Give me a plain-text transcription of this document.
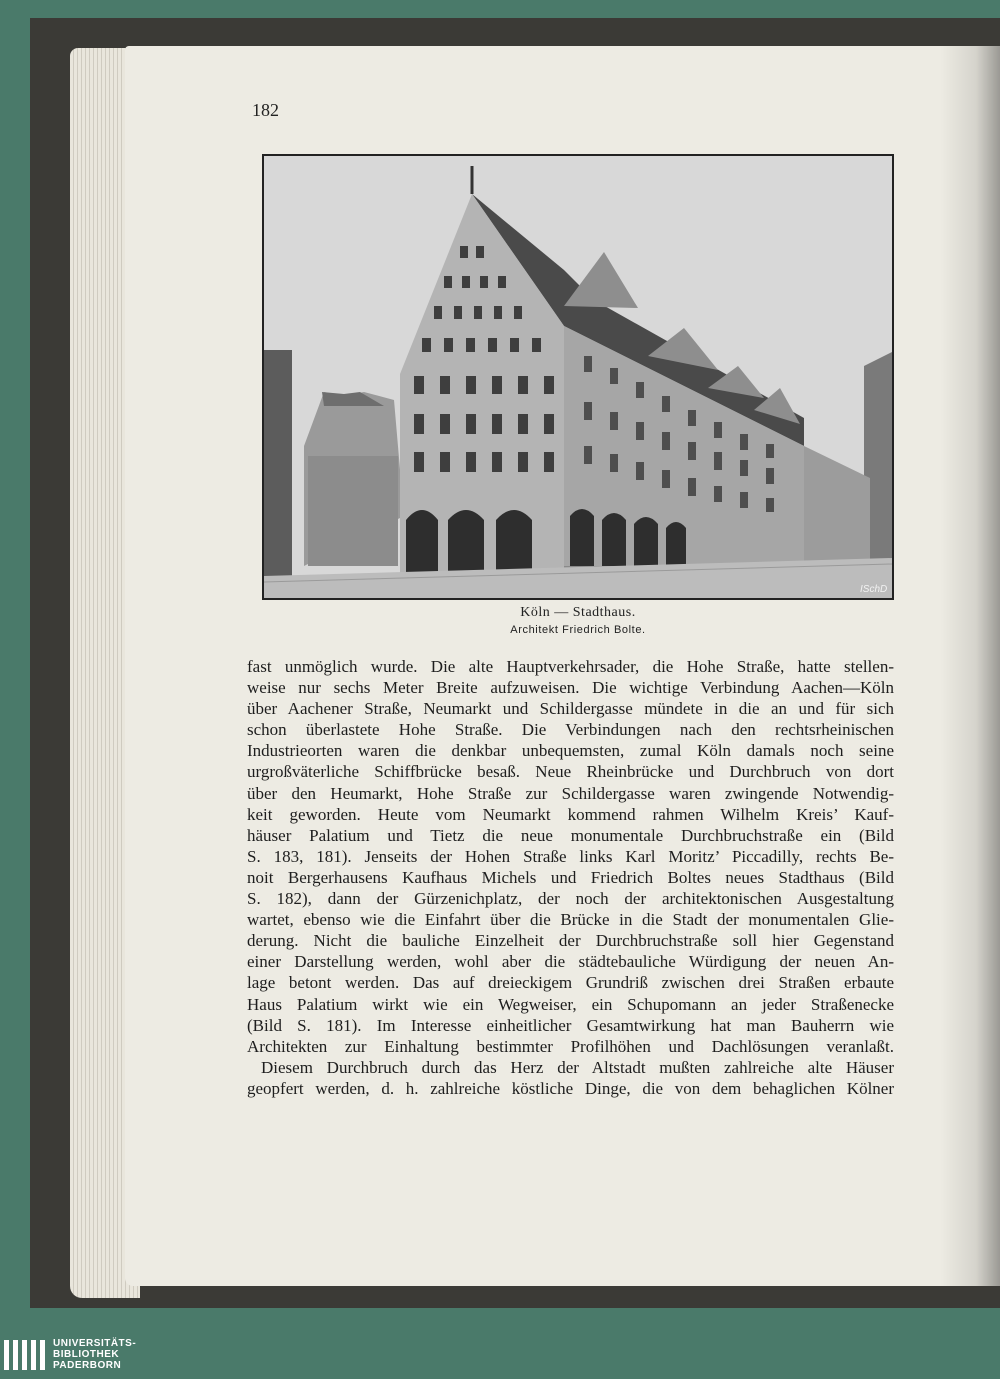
182
ISchD
Köln — Stadthaus.
Architekt Friedrich Bolte.
fast unmöglich wurde. Die alte Hauptverkehrsader, die Hohe Straße, hatte stellen-
weise nur sechs Meter Breite aufzuweisen. Die wichtige Verbindung Aachen—Köln
über Aachener Straße, Neumarkt und Schildergasse mündete in die an und für sich
schon überlastete Hohe Straße. Die Verbindungen nach den rechtsrheinischen
Industrieorten waren die denkbar unbequemsten, zumal Köln damals noch seine
urgroßväterliche Schiffbrücke besaß. Neue Rheinbrücke und Durchbruch von dort
über den Heumarkt, Hohe Straße zur Schildergasse waren zwingende Notwendig-
keit geworden. Heute vom Neumarkt kommend rahmen Wilhelm Kreis’ Kauf-
häuser Palatium und Tietz die neue monumentale Durchbruchstraße ein (Bild
S. 183, 181). Jenseits der Hohen Straße links Karl Moritz’ Piccadilly, rechts Be-
noit Bergerhausens Kaufhaus Michels und Friedrich Boltes neues Stadthaus (Bild
S. 182), dann der Gürzenichplatz, der noch der architektonischen Ausgestaltung
wartet, ebenso wie die Einfahrt über die Brücke in die Stadt der monumentalen Glie-
derung. Nicht die bauliche Einzelheit der Durchbruchstraße soll hier Gegenstand
einer Darstellung werden, wohl aber die städtebauliche Würdigung der neuen An-
lage betont werden. Das auf dreieckigem Grundriß zwischen drei Straßen erbaute
Haus Palatium wirkt wie ein Wegweiser, ein Schupomann an jeder Straßenecke
(Bild S. 181). Im Interesse einheitlicher Gesamtwirkung hat man Bauherrn wie
Architekten zur Einhaltung bestimmter Profilhöhen und Dachlösungen veranlaßt.
Diesem Durchbruch durch das Herz der Altstadt mußten zahlreiche alte Häuser
geopfert werden, d. h. zahlreiche köstliche Dinge, die von dem behaglichen Kölner
UNIVERSITÄTS-
BIBLIOTHEK
PADERBORN
